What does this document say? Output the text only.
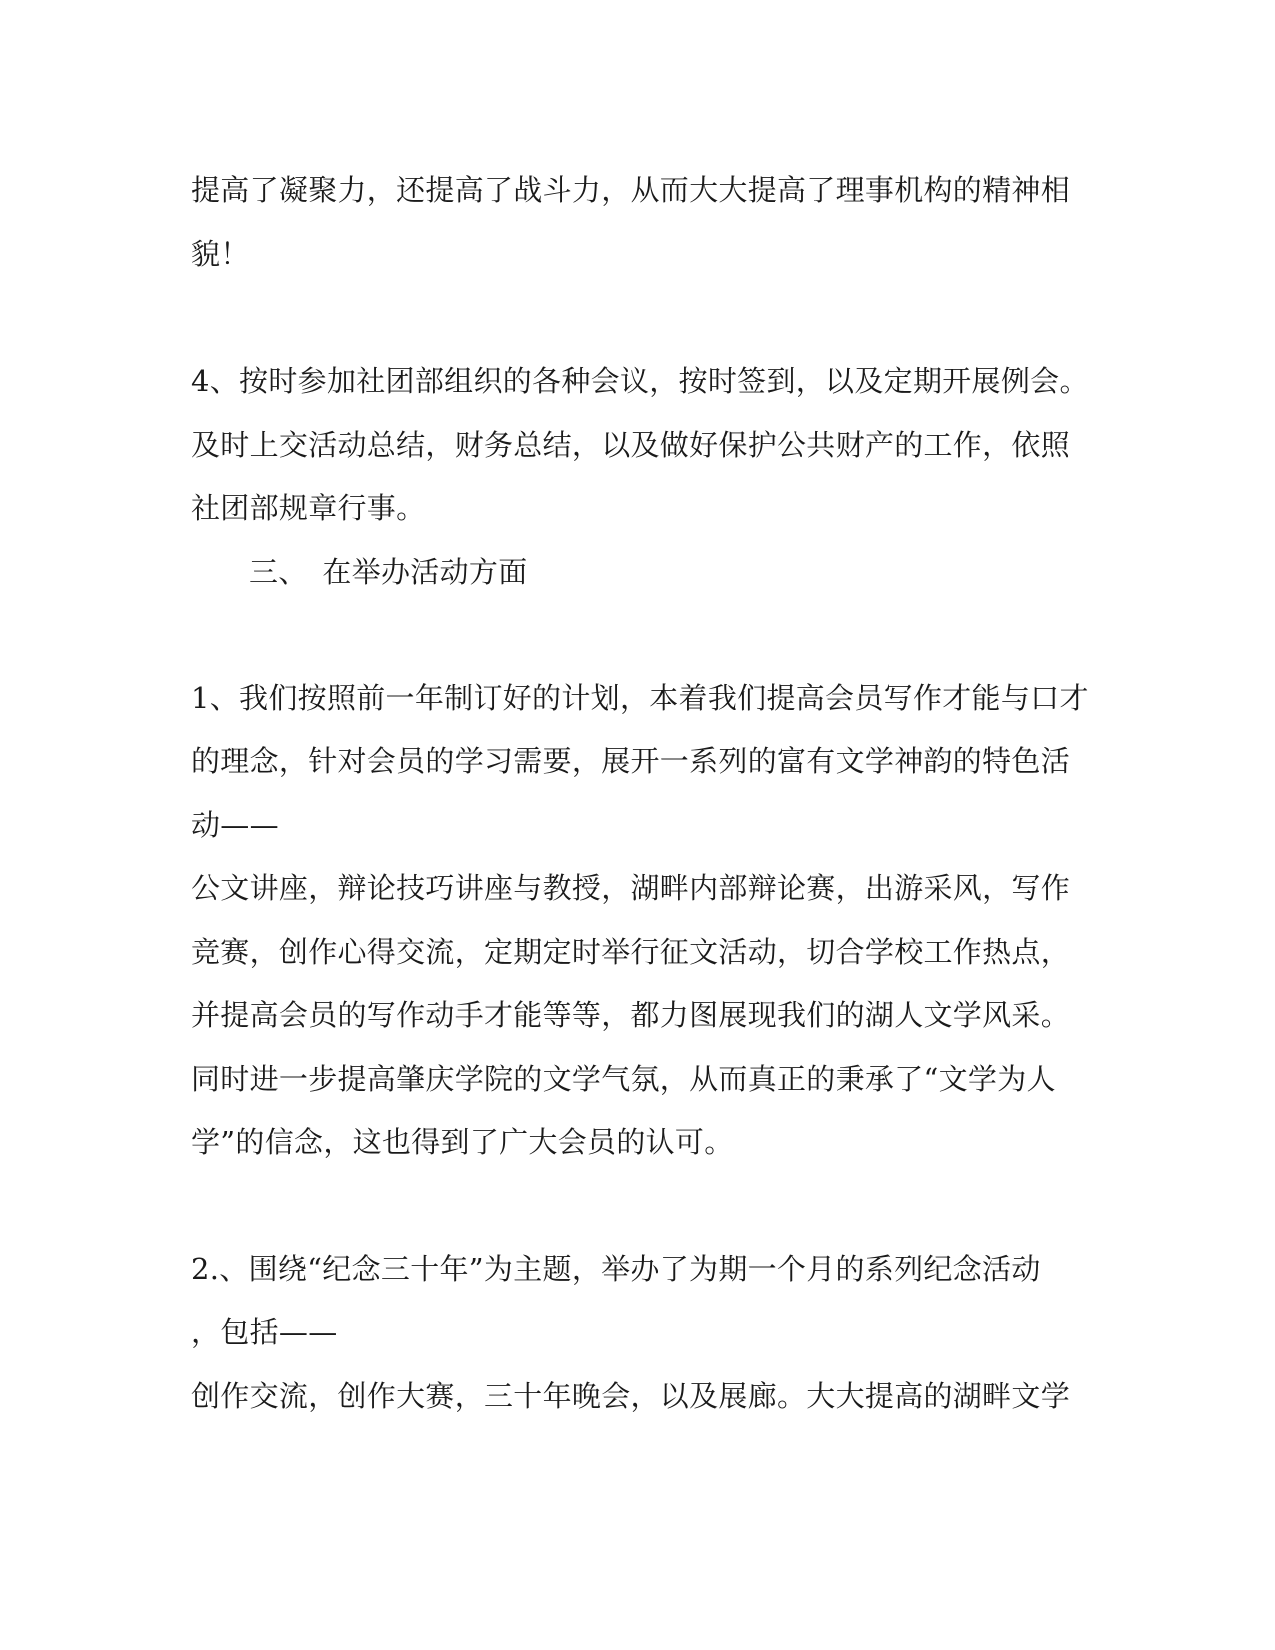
提高了凝聚力，还提高了战斗力，从而大大提高了理事机构的精神相
貌！
4、按时参加社团部组织的各种会议，按时签到，以及定期开展例会。
及时上交活动总结，财务总结，以及做好保护公共财产的工作，依照
社团部规章行事。
三、　在举办活动方面
1、我们按照前一年制订好的计划，本着我们提高会员写作才能与口才
的理念，针对会员的学习需要，展开一系列的富有文学神韵的特色活
动——
公文讲座，辩论技巧讲座与教授，湖畔内部辩论赛，出游采风，写作
竞赛，创作心得交流，定期定时举行征文活动，切合学校工作热点，
并提高会员的写作动手才能等等，都力图展现我们的湖人文学风采。
同时进一步提高肇庆学院的文学气氛，从而真正的秉承了“文学为人
学”的信念，这也得到了广大会员的认可。
2.、围绕“纪念三十年”为主题，举办了为期一个月的系列纪念活动
，包括——
创作交流，创作大赛，三十年晚会，以及展廊。大大提高的湖畔文学
